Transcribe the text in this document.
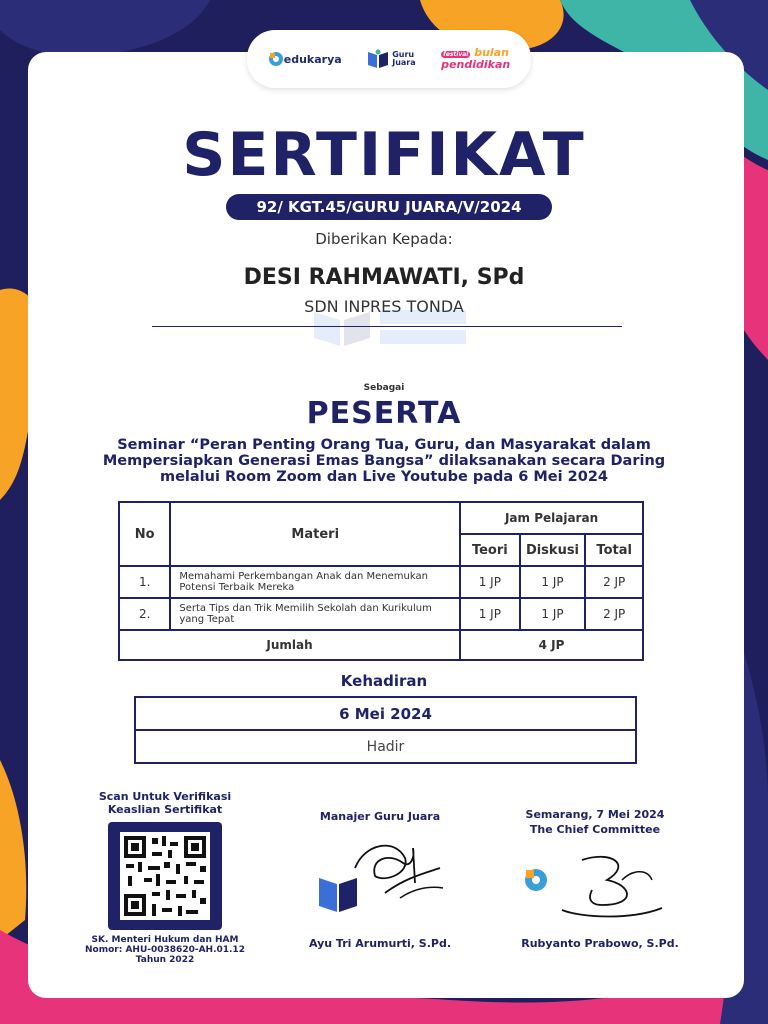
edukarya	Guru
Juara
festival bulan
pendidikan
SERTIFIKAT
92/ KGT.45/GURU JUARA/V/2024
Diberikan Kepada:
DESI RAHMAWATI, SPd
SDN INPRES TONDA
Sebagai
PESERTA
Seminar “Peran Penting Orang Tua, Guru, dan Masyarakat dalam Mempersiapkan Generasi Emas Bangsa” dilaksanakan secara Daring melalui Room Zoom dan Live Youtube pada 6 Mei 2024
No	Materi	Jam Pelajaran		
		Teori	Diskusi	Total
1.	Memahami Perkembangan Anak dan Menemukan Potensi Terbaik Mereka	1 JP	1 JP	2 JP
2.	Serta Tips dan Trik Memilih Sekolah dan Kurikulum yang Tepat	1 JP	1 JP	2 JP
Jumlah		4 JP		
Kehadiran
6 Mei 2024
Hadir
Scan Untuk Verifikasi Keaslian Sertifikat
SK. Menteri Hukum dan HAM
Nomor: AHU-0038620-AH.01.12
Tahun 2022
Manajer Guru Juara
Ayu Tri Arumurti, S.Pd.
Semarang, 7 Mei 2024
The Chief Committee
Rubyanto Prabowo, S.Pd.
